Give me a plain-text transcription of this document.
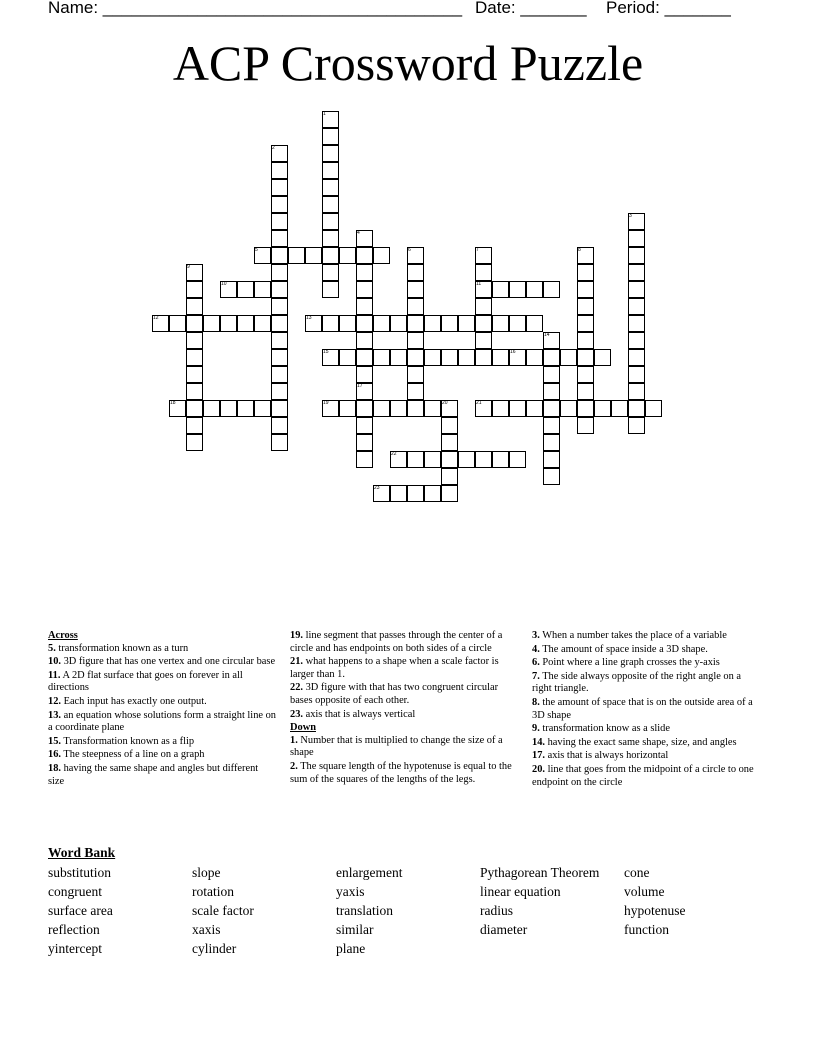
Name: ______________________________________ Date: _______ Period: _______
ACP Crossword Puzzle
1
2
3
4
17
5	6	7
11
8
9
10
12	13
14
15	16
18	19	20	21
22
23
Across
5. transformation known as a turn
10. 3D figure that has one vertex and one circular base
11. A 2D flat surface that goes on forever in all directions
12. Each input has exactly one output.
13. an equation whose solutions form a straight line on a coordinate plane
15. Transformation known as a flip
16. The steepness of a line on a graph
18. having the same shape and angles but different size
19. line segment that passes through the center of a circle and has endpoints on both sides of a circle
21. what happens to a shape when a scale factor is larger than 1.
22. 3D figure with that has two congruent circular bases opposite of each other.
23. axis that is always vertical
Down
1. Number that is multiplied to change the size of a shape
2. The square length of the hypotenuse is equal to the sum of the squares of the lengths of the legs.
3. When a number takes the place of a variable
4. The amount of space inside a 3D shape.
6. Point where a line graph crosses the y-axis
7. The side always opposite of the right angle on a right triangle.
8. the amount of space that is on the outside area of a 3D shape
9. transformation know as a slide
14. having the exact same shape, size, and angles
17. axis that is always horizontal
20. line that goes from the midpoint of a circle to one endpoint on the circle
Word Bank
substitution
congruent
surface area
reflection
yintercept
slope
rotation
scale factor
xaxis
cylinder
enlargement
yaxis
translation
similar
plane
Pythagorean Theorem
linear equation
radius
diameter
cone
volume
hypotenuse
function
